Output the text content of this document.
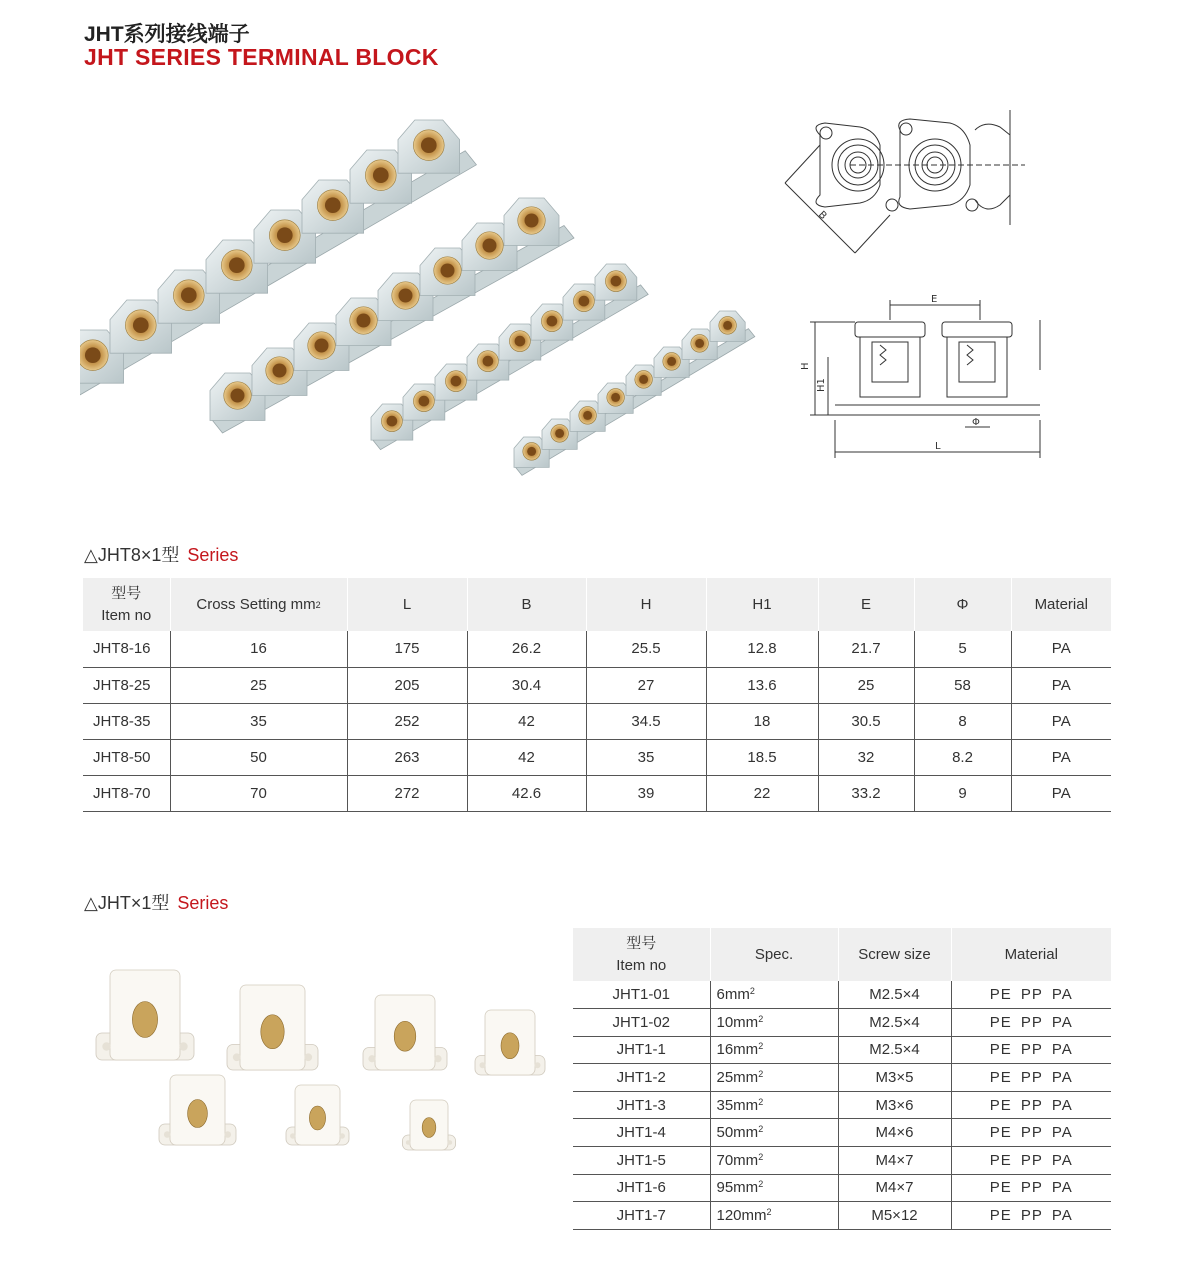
JHT系列接线端子
JHT SERIES TERMINAL BLOCK
B
E
H
H1
L
Φ
△JHT8×1型 Series
型号
Item no	Cross Setting $mm^2$	L	B	H	H1	E	Φ	Material
JHT8-16	16	175	26.2	25.5	12.8	21.7	5	PA
JHT8-25	25	205	30.4	27	13.6	25	58	PA
JHT8-35	35	252	42	34.5	18	30.5	8	PA
JHT8-50	50	263	42	35	18.5	32	8.2	PA
JHT8-70	70	272	42.6	39	22	33.2	9	PA
△JHT×1型 Series
型号
Item no	Spec.	Screw size	Material
JHT1-01	$6mm^2$	M2.5×4	PE PP PA
JHT1-02	$10mm^2$	M2.5×4	PE PP PA
JHT1-1	$16mm^2$	M2.5×4	PE PP PA
JHT1-2	$25mm^2$	M3×5	PE PP PA
JHT1-3	$35mm^2$	M3×6	PE PP PA
JHT1-4	$50mm^2$	M4×6	PE PP PA
JHT1-5	$70mm^2$	M4×7	PE PP PA
JHT1-6	$95mm^2$	M4×7	PE PP PA
JHT1-7	$120mm^2$	M5×12	PE PP PA
